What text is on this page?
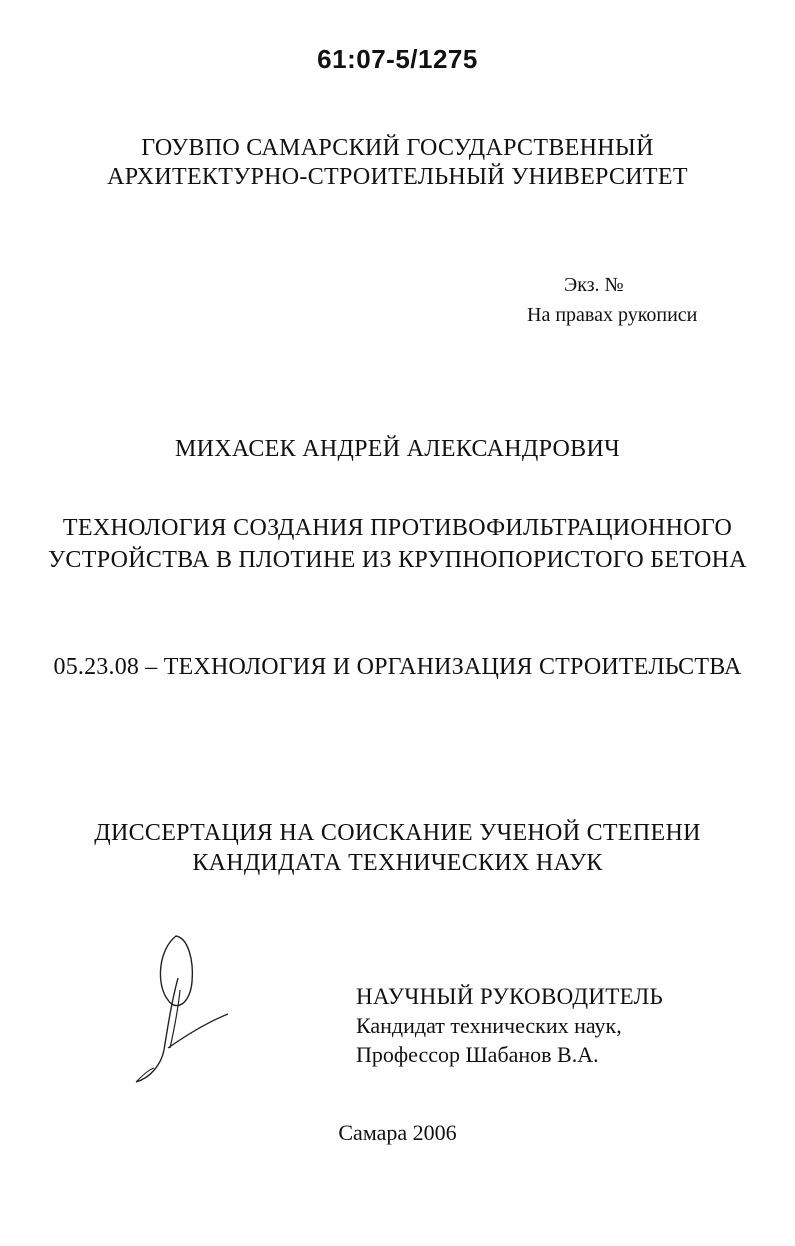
61:07-5/1275
ГОУВПО САМАРСКИЙ ГОСУДАРСТВЕННЫЙ
АРХИТЕКТУРНО-СТРОИТЕЛЬНЫЙ УНИВЕРСИТЕТ
Экз. №
На правах рукописи
МИХАСЕК АНДРЕЙ АЛЕКСАНДРОВИЧ
ТЕХНОЛОГИЯ СОЗДАНИЯ ПРОТИВОФИЛЬТРАЦИОННОГО
УСТРОЙСТВА В ПЛОТИНЕ ИЗ КРУПНОПОРИСТОГО БЕТОНА
05.23.08 – ТЕХНОЛОГИЯ И ОРГАНИЗАЦИЯ СТРОИТЕЛЬСТВА
ДИССЕРТАЦИЯ НА СОИСКАНИЕ УЧЕНОЙ СТЕПЕНИ
КАНДИДАТА ТЕХНИЧЕСКИХ НАУК
НАУЧНЫЙ РУКОВОДИТЕЛЬ
Кандидат технических наук,
Профессор Шабанов В.А.
Самара 2006
